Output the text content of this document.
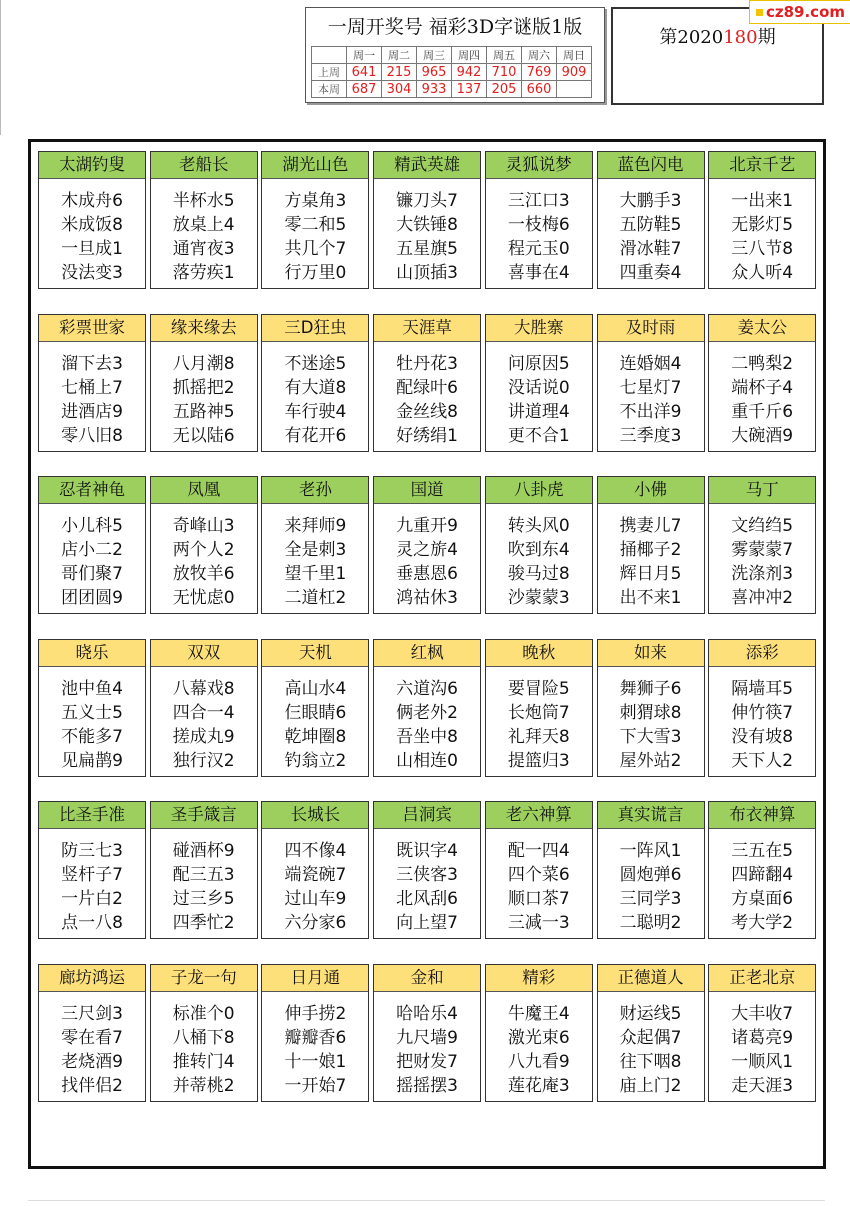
一周开奖号 福彩3D字谜版1版
	周一	周二	周三	周四	周五	周六	周日
上周	641	215	965	942	710	769	909
本周	687	304	933	137	205	660	
第2020180期
cz89.com
太湖钓叟
木成舟6
米成饭8
一旦成1
没法变3
老船长
半杯水5
放桌上4
通宵夜3
落劳疾1
湖光山色
方桌角3
零二和5
共几个7
行万里0
精武英雄
镰刀头7
大铁锤8
五星旗5
山顶插3
灵狐说梦
三江口3
一枝梅6
程元玉0
喜事在4
蓝色闪电
大鹏手3
五防鞋5
滑冰鞋7
四重奏4
北京千艺
一出来1
无影灯5
三八节8
众人听4
彩票世家
溜下去3
七桶上7
进酒店9
零八旧8
缘来缘去
八月潮8
抓摇把2
五路神5
无以陆6
三D狂虫
不迷途5
有大道8
车行驶4
有花开6
天涯草
牡丹花3
配绿叶6
金丝线8
好绣绢1
大胜寨
问原因5
没话说0
讲道理4
更不合1
及时雨
连婚姻4
七星灯7
不出洋9
三季度3
姜太公
二鸭梨2
端杯子4
重千斤6
大碗酒9
忍者神龟
小儿科5
店小二2
哥们聚7
团团圆9
凤凰
奇峰山3
两个人2
放牧羊6
无忧虑0
老孙
来拜师9
全是刺3
望千里1
二道杠2
国道
九重开9
灵之旂4
垂惠恩6
鸿祜休3
八卦虎
转头风0
吹到东4
骏马过8
沙蒙蒙3
小佛
携妻儿7
捅椰子2
辉日月5
出不来1
马丁
文绉绉5
雾蒙蒙7
洗涤剂3
喜冲冲2
晓乐
池中鱼4
五义士5
不能多7
见扁鹊9
双双
八幕戏8
四合一4
搓成丸9
独行汉2
天机
高山水4
仨眼睛6
乾坤圈8
钓翁立2
红枫
六道沟6
俩老外2
吾坐中8
山相连0
晚秋
要冒险5
长炮筒7
礼拜天8
提篮归3
如来
舞狮子6
刺猬球8
下大雪3
屋外站2
添彩
隔墙耳5
伸竹筷7
没有坡8
天下人2
比圣手准
防三七3
竖杆子7
一片白2
点一八8
圣手箴言
碰酒杯9
配三五3
过三乡5
四季忙2
长城长
四不像4
端瓷碗7
过山车9
六分家6
吕洞宾
既识字4
三侠客3
北风刮6
向上望7
老六神算
配一四4
四个菜6
顺口茶7
三减一3
真实谎言
一阵风1
圆炮弹6
三同学3
二聪明2
布衣神算
三五在5
四蹄翻4
方桌面6
考大学2
廊坊鸿运
三尺剑3
零在看7
老烧酒9
找伴侣2
子龙一句
标准个0
八桶下8
推转门4
并蒂桃2
日月通
伸手捞2
瓣瓣香6
十一娘1
一开始7
金和
哈哈乐4
九尺墙9
把财发7
摇摇摆3
精彩
牛魔王4
激光束6
八九看9
莲花庵3
正德道人
财运线5
众起偶7
往下咽8
庙上门2
正老北京
大丰收7
诸葛亮9
一顺风1
走天涯3
